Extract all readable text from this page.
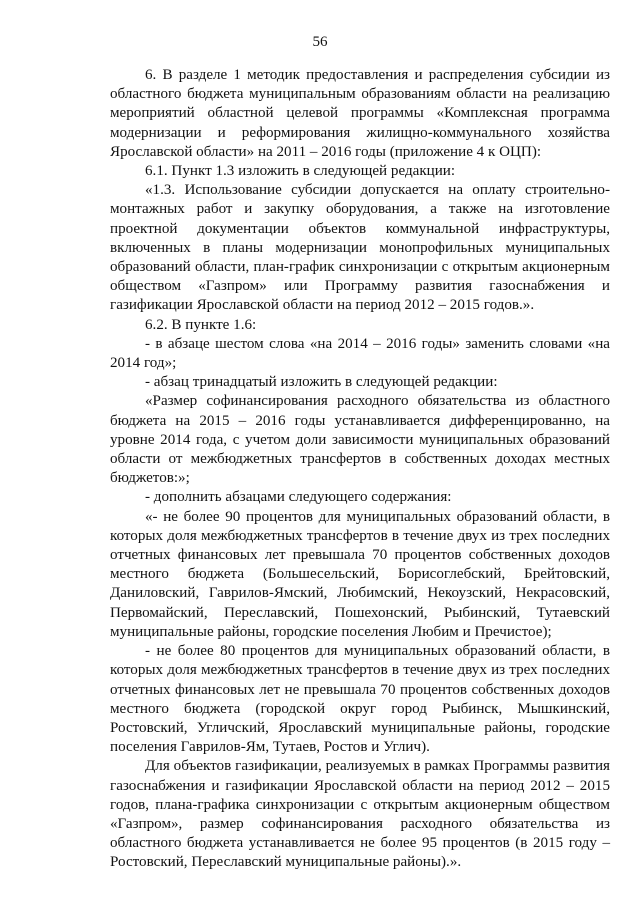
56

6. В разделе 1 методик предоставления и распределения субсидии из областного бюджета муниципальным образованиям области на реализацию мероприятий областной целевой программы «Комплексная программа модернизации и реформирования жилищно-коммунального хозяйства Ярославской области» на 2011 – 2016 годы (приложение 4 к ОЦП):

6.1. Пункт 1.3 изложить в следующей редакции:

«1.3. Использование субсидии допускается на оплату строительно-монтажных работ и закупку оборудования, а также на изготовление проектной документации объектов коммунальной инфраструктуры, включенных в планы модернизации монопрофильных муниципальных образований области, план-график синхронизации с открытым акционерным обществом «Газпром» или Программу развития газоснабжения и газификации Ярославской области на период 2012 – 2015 годов.».

6.2. В пункте 1.6:

- в абзаце шестом слова «на 2014 – 2016 годы» заменить словами «на 2014 год»;

- абзац тринадцатый изложить в следующей редакции:

«Размер софинансирования расходного обязательства из областного бюджета на 2015 – 2016 годы устанавливается дифференцированно, на уровне 2014 года, с учетом доли зависимости муниципальных образований области от межбюджетных трансфертов в собственных доходах местных бюджетов:»;

- дополнить абзацами следующего содержания:

«- не более 90 процентов для муниципальных образований области, в которых доля межбюджетных трансфертов в течение двух из трех последних отчетных финансовых лет превышала 70 процентов собственных доходов местного бюджета (Большесельский, Борисоглебский, Брейтовский, Даниловский, Гаврилов-Ямский, Любимский, Некоузский, Некрасовский, Первомайский, Переславский, Пошехонский, Рыбинский, Тутаевский муниципальные районы, городские поселения Любим и Пречистое);

- не более 80 процентов для муниципальных образований области, в которых доля межбюджетных трансфертов в течение двух из трех последних отчетных финансовых лет не превышала 70 процентов собственных доходов местного бюджета (городской округ город Рыбинск, Мышкинский, Ростовский, Угличский, Ярославский муниципальные районы, городские поселения Гаврилов-Ям, Тутаев, Ростов и Углич).

Для объектов газификации, реализуемых в рамках Программы развития газоснабжения и газификации Ярославской области на период 2012 – 2015 годов, плана-графика синхронизации с открытым акционерным обществом «Газпром», размер софинансирования расходного обязательства из областного бюджета устанавливается не более 95 процентов (в 2015 году – Ростовский, Переславский муниципальные районы).».
